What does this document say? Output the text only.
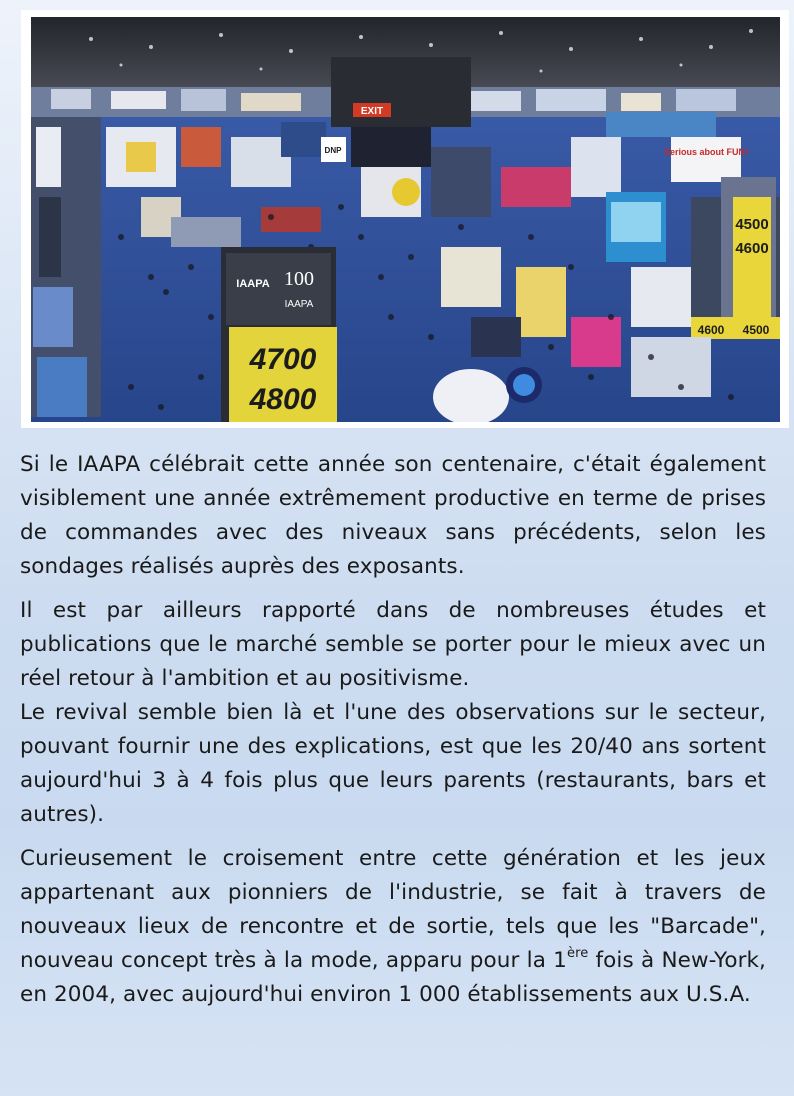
EXIT
DNP	Serious about FUN!
4500
4600
4600 4500
IAAPA 100
IAAPA
4700
4800

Si le IAAPA célébrait cette année son centenaire, c'était également visiblement une année extrêmement productive en terme de prises de commandes avec des niveaux sans précédents, selon les sondages réalisés auprès des exposants.

Il est par ailleurs rapporté dans de nombreuses études et publications que le marché semble se porter pour le mieux avec un réel retour à l'ambition et au positivisme.

Le revival semble bien là et l'une des observations sur le secteur, pouvant fournir une des explications, est que les 20/40 ans sortent aujourd'hui 3 à 4 fois plus que leurs parents (restaurants, bars et autres).

Curieusement le croisement entre cette génération et les jeux appartenant aux pionniers de l'industrie, se fait à travers de nouveaux lieux de rencontre et de sortie, tels que les "Barcade", nouveau concept très à la mode, apparu pour la 1ère fois à New-York, en 2004, avec aujourd'hui environ 1 000 établissements aux U.S.A.
